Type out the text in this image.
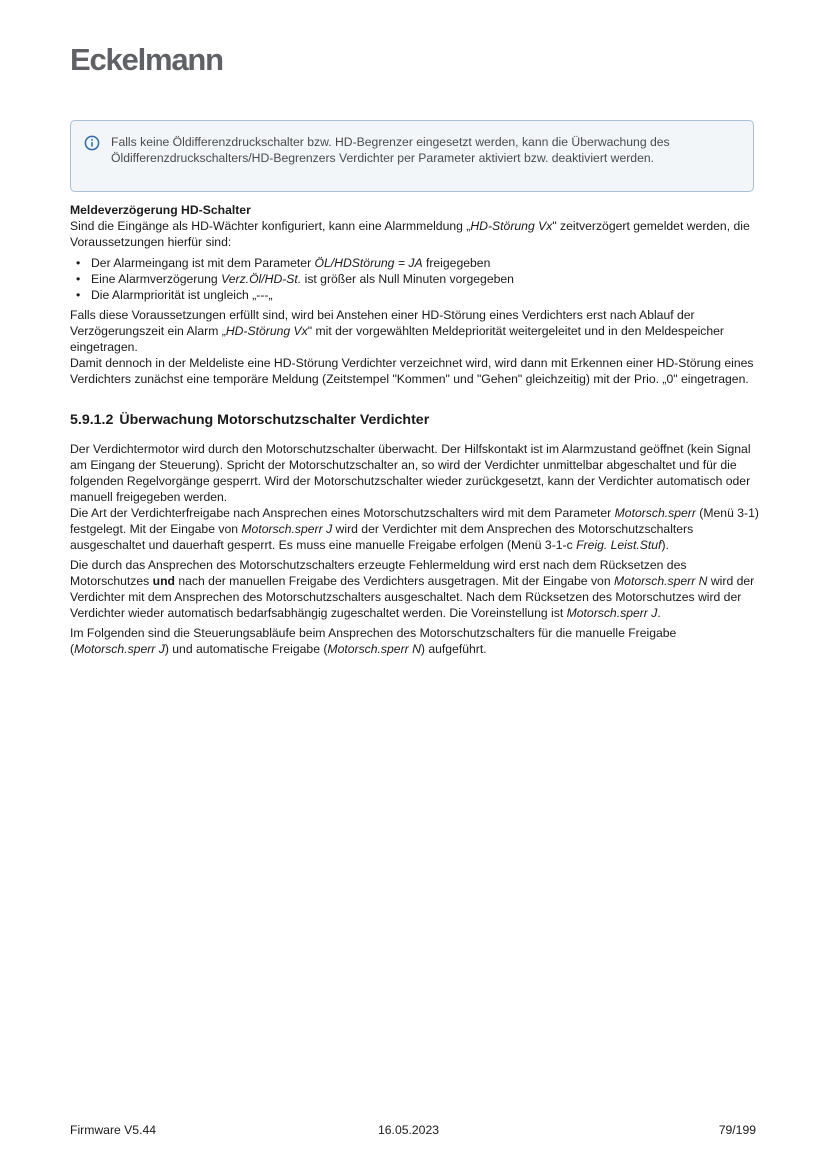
Eckelmann
Falls keine Öldifferenzdruckschalter bzw. HD-Begrenzer eingesetzt werden, kann die Überwachung des Öldifferenzdruckschalters/HD-Begrenzers Verdichter per Parameter aktiviert bzw. deaktiviert werden.

Meldeverzögerung HD-Schalter

Sind die Eingänge als HD-Wächter konfiguriert, kann eine Alarmmeldung „HD-Störung Vx" zeitverzögert gemeldet werden, die Voraussetzungen hierfür sind:

• Der Alarmeingang ist mit dem Parameter ÖL/HDStörung = JA freigegeben
• Eine Alarmverzögerung Verz.Öl/HD-St. ist größer als Null Minuten vorgegeben
• Die Alarmpriorität ist ungleich „---„

Falls diese Voraussetzungen erfüllt sind, wird bei Anstehen einer HD-Störung eines Verdichters erst nach Ablauf der Verzögerungszeit ein Alarm „HD-Störung Vx" mit der vorgewählten Meldepriorität weitergeleitet und in den Meldespeicher eingetragen.

Damit dennoch in der Meldeliste eine HD-Störung Verdichter verzeichnet wird, wird dann mit Erkennen einer HD-Störung eines Verdichters zunächst eine temporäre Meldung (Zeitstempel "Kommen" und "Gehen" gleichzeitig) mit der Prio. „0" eingetragen.

5.9.1.2 Überwachung Motorschutzschalter Verdichter

Der Verdichtermotor wird durch den Motorschutzschalter überwacht. Der Hilfskontakt ist im Alarmzustand geöffnet (kein Signal am Eingang der Steuerung). Spricht der Motorschutzschalter an, so wird der Verdichter unmittelbar abgeschaltet und für die folgenden Regelvorgänge gesperrt. Wird der Motorschutzschalter wieder zurückgesetzt, kann der Verdichter automatisch oder manuell freigegeben werden.

Die Art der Verdichterfreigabe nach Ansprechen eines Motorschutzschalters wird mit dem Parameter Motorsch.sperr (Menü 3-1) festgelegt. Mit der Eingabe von Motorsch.sperr J wird der Verdichter mit dem Ansprechen des Motorschutzschalters ausgeschaltet und dauerhaft gesperrt. Es muss eine manuelle Freigabe erfolgen (Menü 3-1-c Freig. Leist.Stuf).

Die durch das Ansprechen des Motorschutzschalters erzeugte Fehlermeldung wird erst nach dem Rücksetzen des Motorschutzes und nach der manuellen Freigabe des Verdichters ausgetragen. Mit der Eingabe von Motorsch.sperr N wird der Verdichter mit dem Ansprechen des Motorschutzschalters ausgeschaltet. Nach dem Rücksetzen des Motorschutzes wird der Verdichter wieder automatisch bedarfsabhängig zugeschaltet werden. Die Voreinstellung ist Motorsch.sperr J.

Im Folgenden sind die Steuerungsabläufe beim Ansprechen des Motorschutzschalters für die manuelle Freigabe (Motorsch.sperr J) und automatische Freigabe (Motorsch.sperr N) aufgeführt.

Firmware V5.44	16.05.2023	79/199
